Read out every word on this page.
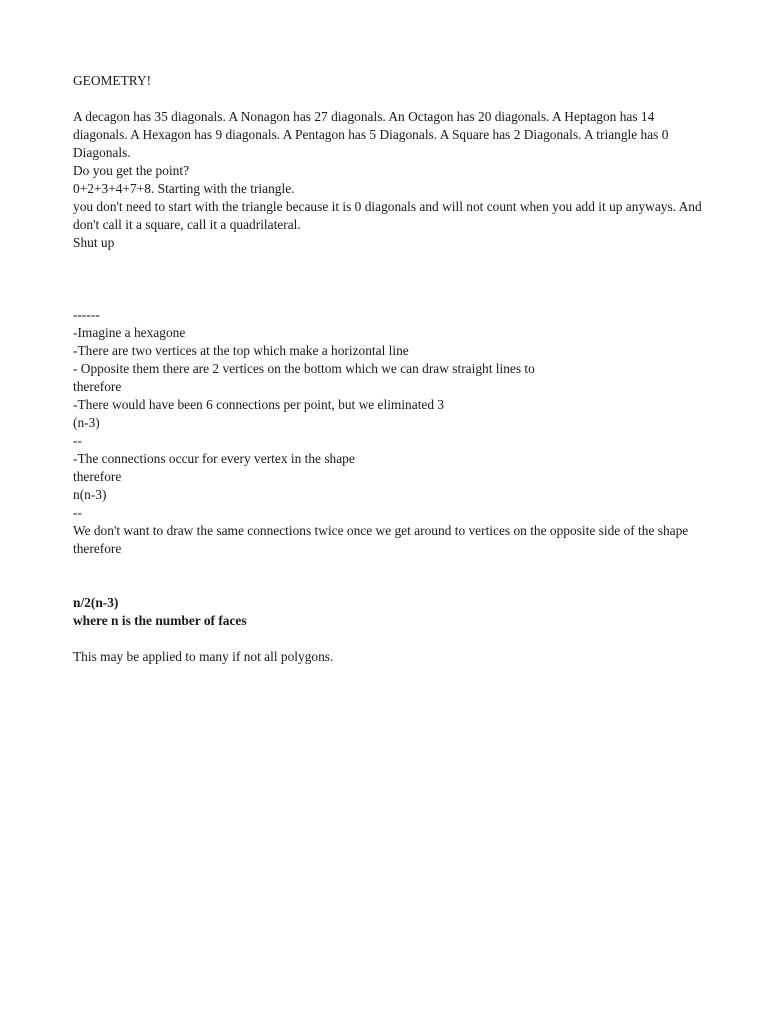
GEOMETRY!
A decagon has 35 diagonals. A Nonagon has 27 diagonals. An Octagon has 20 diagonals. A Heptagon has 14 diagonals. A Hexagon has 9 diagonals. A Pentagon has 5 Diagonals. A Square has 2 Diagonals. A triangle has 0 Diagonals.
Do you get the point?
0+2+3+4+7+8. Starting with the triangle.
you don't need to start with the triangle because it is 0 diagonals and will not count when you add it up anyways. And don't call it a square, call it a quadrilateral.
Shut up
------
-Imagine a hexagone
-There are two vertices at the top which make a horizontal line
- Opposite them there are 2 vertices on the bottom which we can draw straight lines to
therefore
-There would have been 6 connections per point, but we eliminated 3
(n-3)
--
-The connections occur for every vertex in the shape
therefore
n(n-3)
--
We don't want to draw the same connections twice once we get around to vertices on the opposite side of the shape
therefore
n/2(n-3)
where n is the number of faces
This may be applied to many if not all polygons.
